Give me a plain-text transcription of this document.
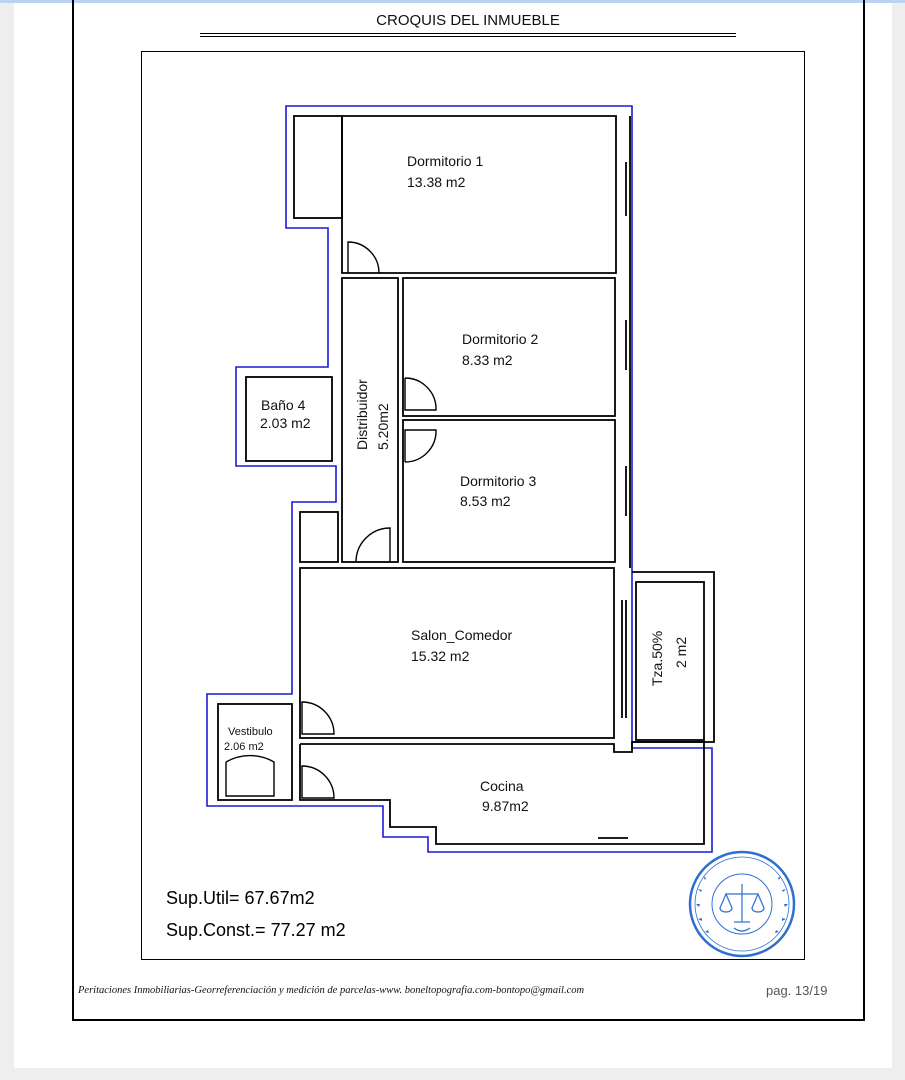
CROQUIS DEL INMUEBLE
Dormitorio 1
13.38 m2
Dormitorio 2
8.33 m2
Dormitorio 3
8.53 m2
Baño 4
2.03 m2	Distribuidor 5.20m2
Salon_Comedor
15.32 m2	Tza.50% 2 m2
Vestibulo
2.06 m2
Cocina
9.87m2
Sup.Util= 67.67m2
Sup.Const.= 77.27 m2
Peritaciones Inmobiliarias-Georreferenciación y medición de parcelas-www. boneltopografia.com-bontopo@gmail.com	pag. 13/19
